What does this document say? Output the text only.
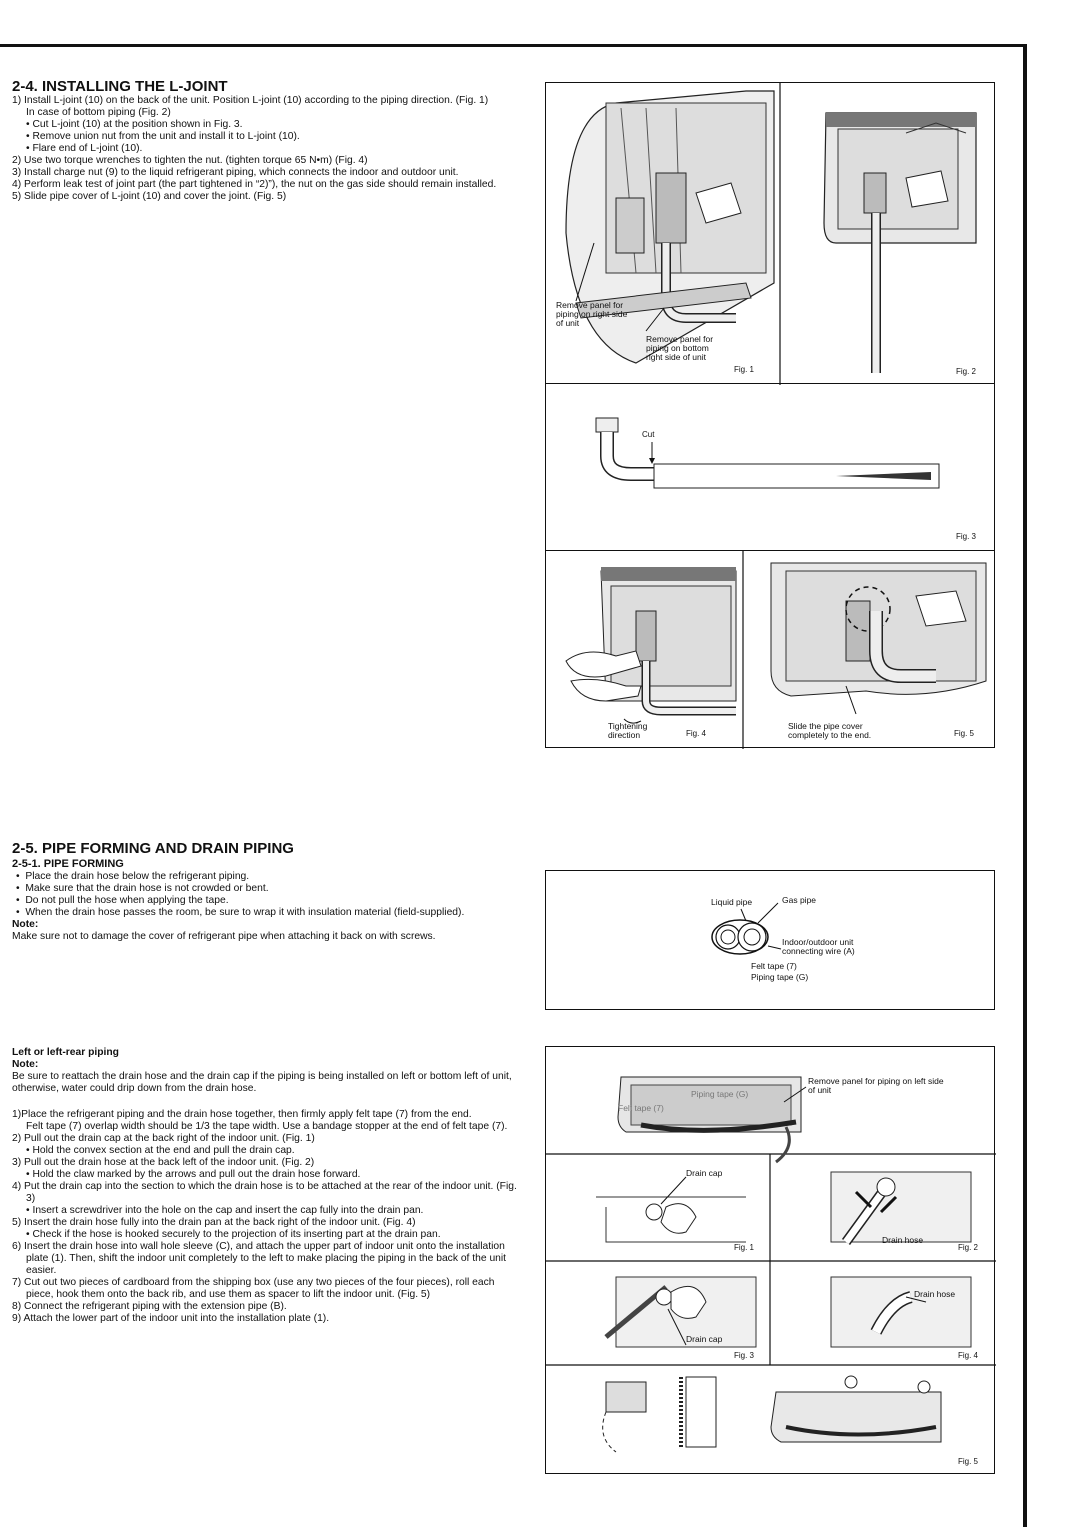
2-4. INSTALLING THE L-JOINT

1) Install L-joint (10) on the back of the unit. Position L-joint (10) according to the piping direction. (Fig. 1)

In case of bottom piping (Fig. 2)

• Cut L-joint (10) at the position shown in Fig. 3.

• Remove union nut from the unit and install it to L-joint (10).

• Flare end of L-joint (10).

2) Use two torque wrenches to tighten the nut. (tighten torque 65 N•m) (Fig. 4)

3) Install charge nut (9) to the liquid refrigerant piping, which connects the indoor and outdoor unit.

4) Perform leak test of joint part (the part tightened in “2)”), the nut on the gas side should remain installed.

5) Slide pipe cover of L-joint (10) and cover the joint. (Fig. 5)

2-5. PIPE FORMING AND DRAIN PIPING
2-5-1. PIPE FORMING

•  Place the drain hose below the refrigerant piping.

•  Make sure that the drain hose is not crowded or bent.

•  Do not pull the hose when applying the tape.

•  When the drain hose passes the room, be sure to wrap it with insulation material (field-supplied).

Note:

Make sure not to damage the cover of refrigerant pipe when attaching it back on with screws.

Left or left-rear piping

Note:

Be sure to reattach the drain hose and the drain cap if the piping is being installed on left or bottom left of unit, otherwise, water could drip down from the drain hose.

1)Place the refrigerant piping and the drain hose together, then firmly apply felt tape (7) from the end.

Felt tape (7) overlap width should be 1/3 the tape width. Use a bandage stopper at the end of felt tape (7).

2) Pull out the drain cap at the back right of the indoor unit. (Fig. 1)

• Hold the convex section at the end and pull the drain cap.

3) Pull out the drain hose at the back left of the indoor unit. (Fig. 2)

• Hold the claw marked by the arrows and pull out the drain hose forward.

4) Put the drain cap into the section to which the drain hose is to be attached at the rear of the indoor unit. (Fig. 3)

• Insert a screwdriver into the hole on the cap and insert the cap fully into the drain pan.

5) Insert the drain hose fully into the drain pan at the back right of the indoor unit. (Fig. 4)

• Check if the hose is hooked securely to the projection of its inserting part at the drain pan.

6) Insert the drain hose into wall hole sleeve (C), and attach the upper part of indoor unit onto the installation plate (1). Then, shift the indoor unit completely to the left to make placing the piping in the back of the unit easier.

7) Cut out two pieces of cardboard from the shipping box (use any two pieces of the four pieces), roll each piece, hook them onto the back rib, and use them as spacer to lift the indoor unit. (Fig. 5)

8) Connect the refrigerant piping with the extension pipe (B).

9) Attach the lower part of the indoor unit into the installation plate (1).

Remove panel for piping on right side of unit
Remove panel for piping on bottom right side of unit
Fig. 1	Fig. 2
Cut
Fig. 3
Tightening direction	Fig. 4
Slide the pipe cover completely to the end.	Fig. 5
Liquid pipe	Gas pipe
Indoor/outdoor unit connecting wire (A)
Felt tape (7)
Piping tape (G)
Piping tape (G)
Felt tape (7)
Remove panel for piping on left side of unit
Drain cap
Fig. 1
Drain hose
Fig. 2
Drain cap
Fig. 3
Drain hose
Fig. 4
Fig. 5
